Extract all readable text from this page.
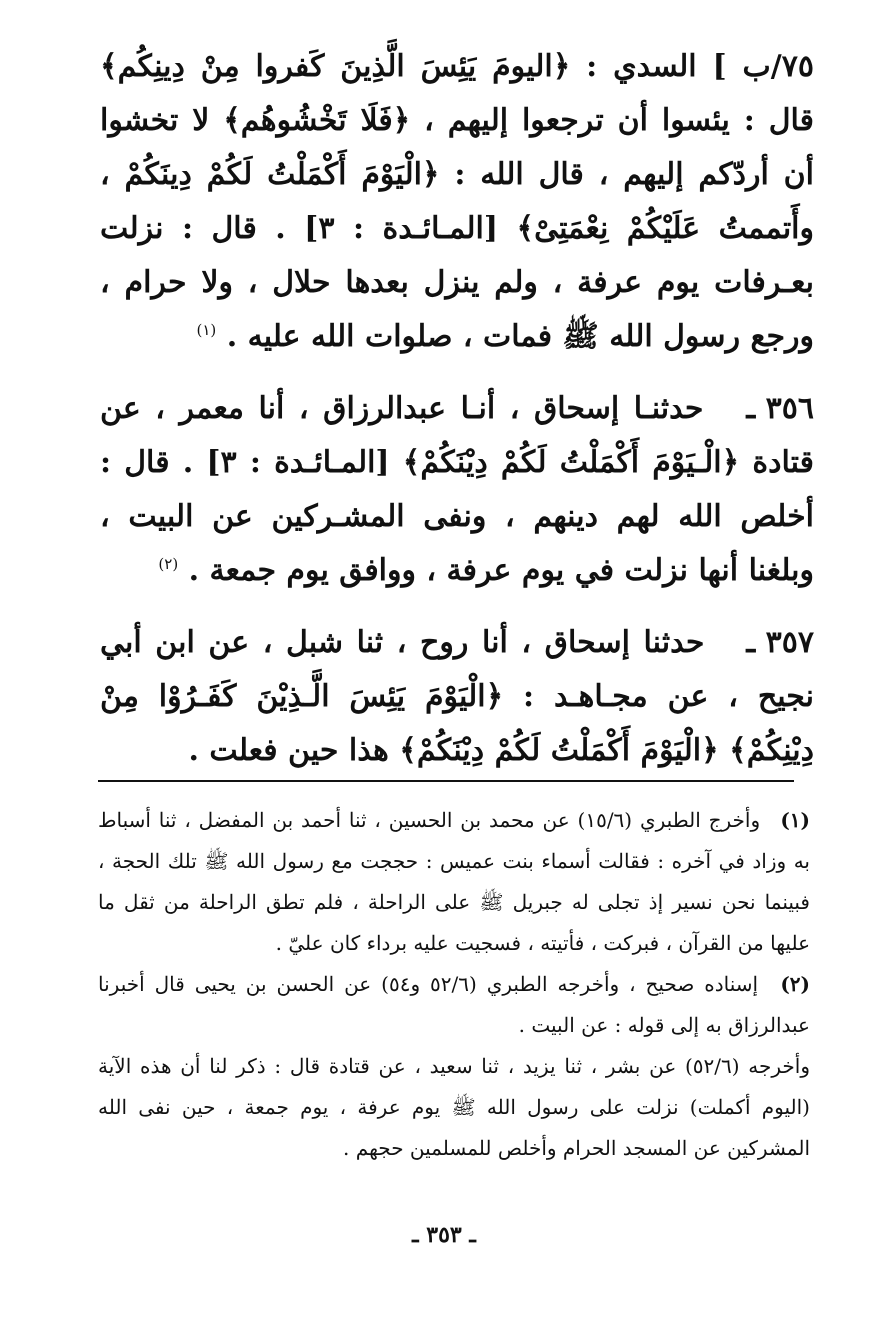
٧٥/ب ] السدي : ﴿اليومَ يَئِسَ الَّذِينَ كَفروا مِنْ دِينِكُم﴾ قال : يئسوا أن ترجعوا إليهم ، ﴿فَلَا تَخْشُوهُم﴾ لا تخشوا أن أردّكم إليهم ، قال الله : ﴿الْيَوْمَ أَكْمَلْتُ لَكُمْ دِينَكُمْ ، وأَتممتُ عَلَيْكُمْ نِعْمَتِىْ﴾ [المـائـدة : ٣] . قال : نزلت بعـرفات يوم عرفة ، ولم ينزل بعدها حلال ، ولا حرام ، ورجع رسول الله ﷺ فمات ، صلوات الله عليه . $^{(١)}$

٣٥٦ ـ حدثنـا إسحاق ، أنـا عبدالرزاق ، أنا معمر ، عن قتادة ﴿الْـيَوْمَ أَكْمَلْتُ لَكُمْ دِيْنَكُمْ﴾ [المـائـدة : ٣] . قال : أخلص الله لهم دينهم ، ونفى المشـركين عن البيت ، وبلغنا أنها نزلت في يوم عرفة ، ووافق يوم جمعة . $^{(٢)}$

٣٥٧ ـ حدثنا إسحاق ، أنا روح ، ثنا شبل ، عن ابن أبي نجيح ، عن مجـاهـد : ﴿الْيَوْمَ يَئِسَ الَّـذِيْنَ كَفَـرُوْا مِنْ دِيْنِكُمْ﴾ ﴿الْيَوْمَ أَكْمَلْتُ لَكُمْ دِيْنَكُمْ﴾ هذا حين فعلت .

(١) وأخرج الطبري (١٥/٦) عن محمد بن الحسين ، ثنا أحمد بن المفضل ، ثنا أسباط به وزاد في آخره : فقالت أسماء بنت عميس : حججت مع رسول الله ﷺ تلك الحجة ، فبينما نحن نسير إذ تجلى له جبريل ﷺ على الراحلة ، فلم تطق الراحلة من ثقل ما عليها من القرآن ، فبركت ، فأتيته ، فسجيت عليه برداء كان عليّ .

(٢) إسناده صحيح ، وأخرجه الطبري (٥٢/٦ و٥٤) عن الحسن بن يحيى قال أخبرنا عبدالرزاق به إلى قوله : عن البيت .

وأخرجه (٥٢/٦) عن بشر ، ثنا يزيد ، ثنا سعيد ، عن قتادة قال : ذكر لنا أن هذه الآية (اليوم أكملت) نزلت على رسول الله ﷺ يوم عرفة ، يوم جمعة ، حين نفى الله المشركين عن المسجد الحرام وأخلص للمسلمين حجهم .

ـ ٣٥٣ ـ
